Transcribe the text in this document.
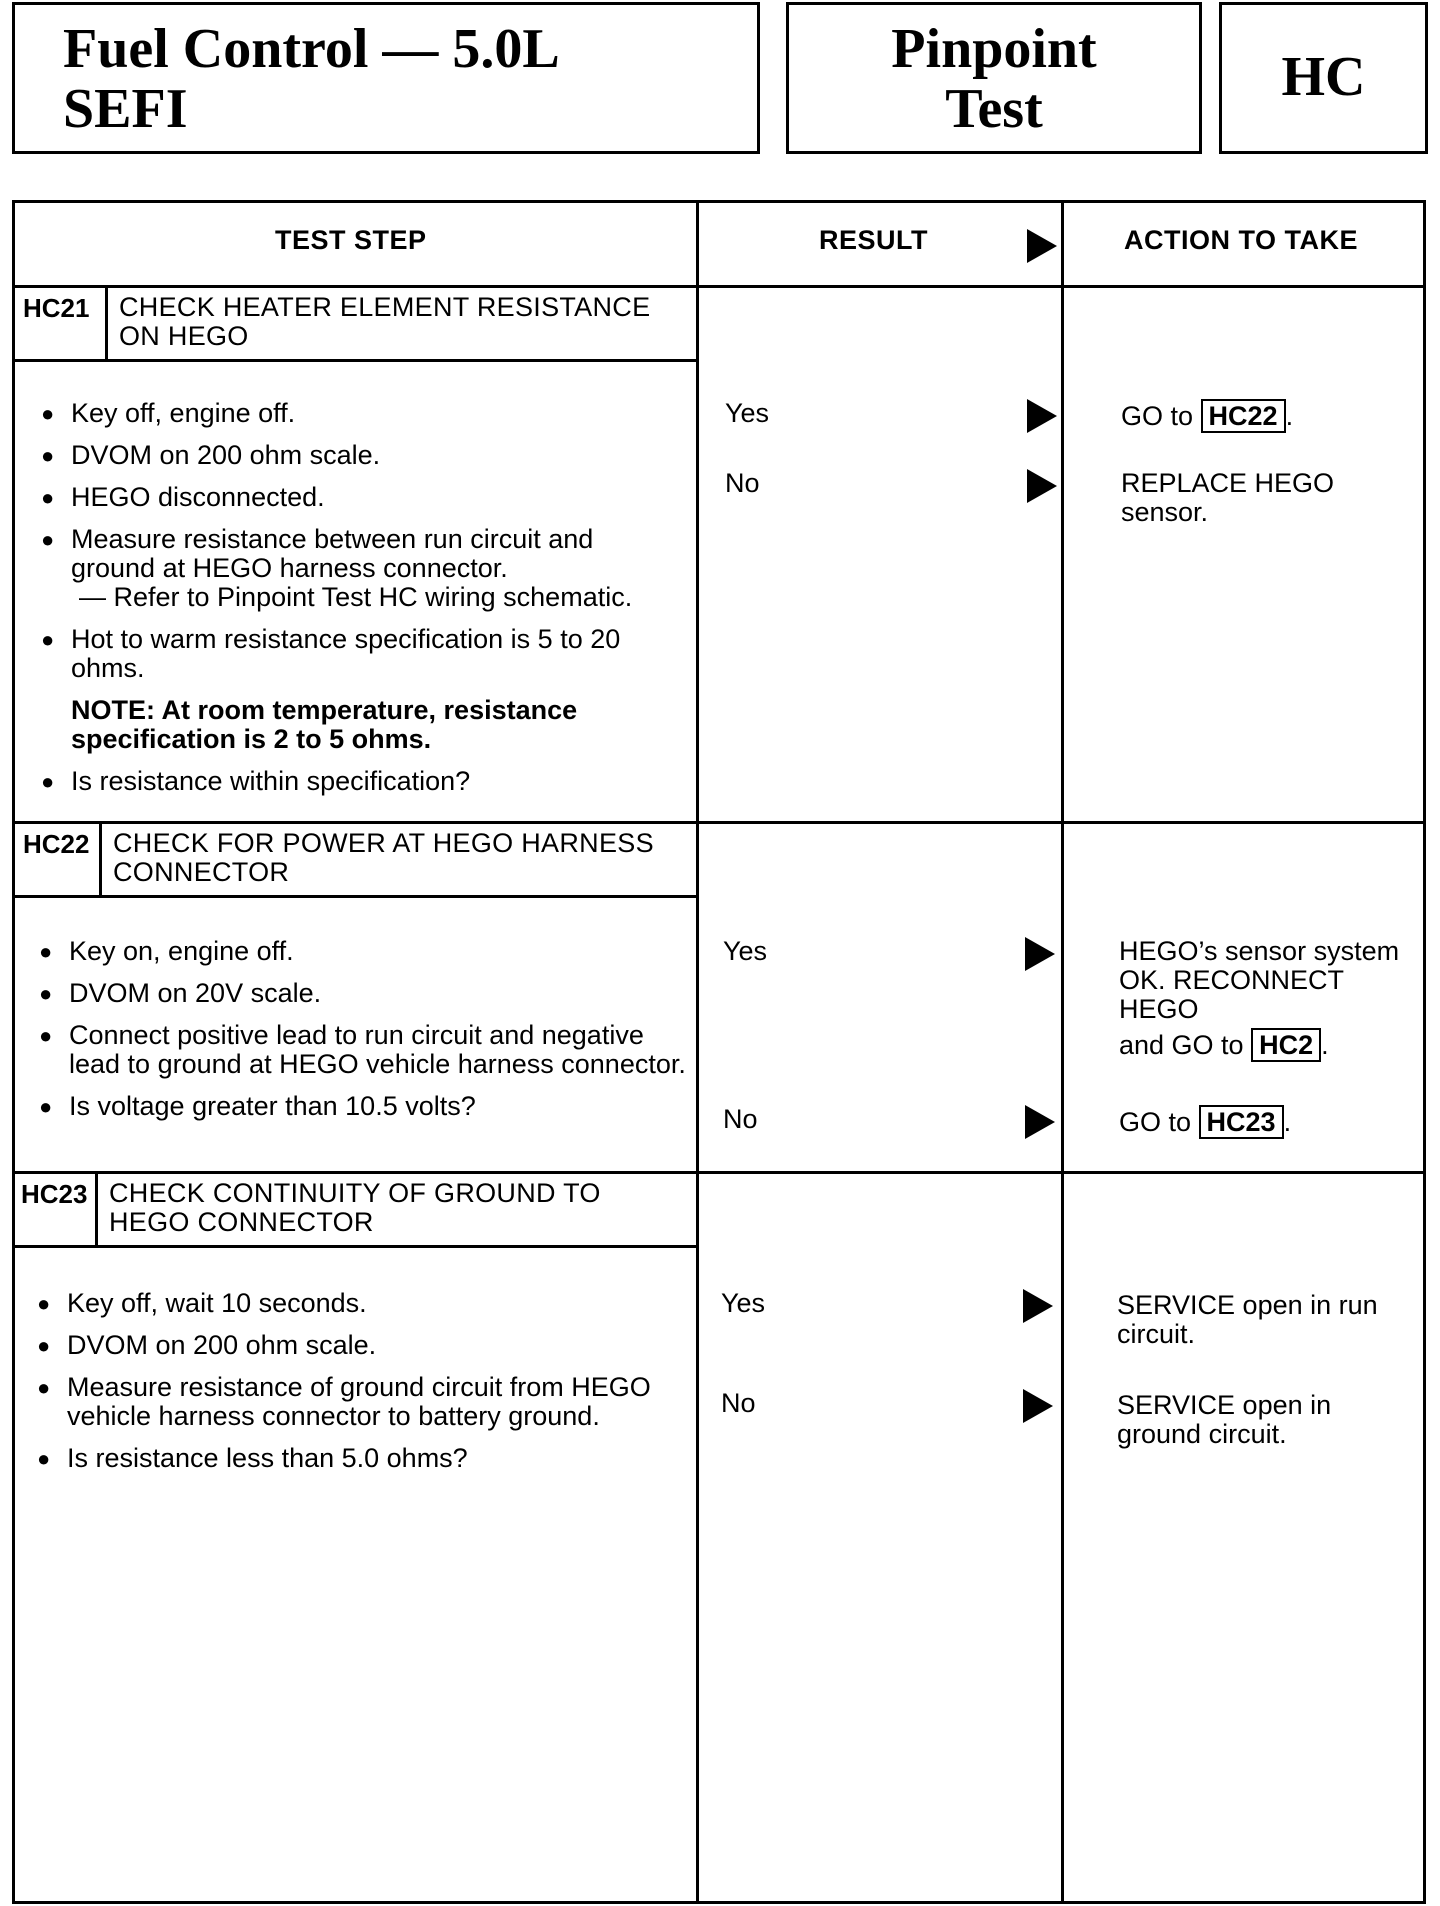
Fuel Control — 5.0L
SEFI
Pinpoint
Test
HC
TEST STEP	RESULT	ACTION TO TAKE
HC21 CHECK HEATER ELEMENT RESISTANCE
ON HEGO
● Key off, engine off.
● DVOM on 200 ohm scale.
● HEGO disconnected.
● Measure resistance between run circuit and ground at HEGO harness connector.
— Refer to Pinpoint Test HC wiring schematic.
● Hot to warm resistance specification is 5 to 20 ohms.
NOTE: At room temperature, resistance specification is 2 to 5 ohms.
● Is resistance within specification?
Yes
No
GO to HC22 .
REPLACE HEGO sensor.
HC22 CHECK FOR POWER AT HEGO HARNESS
CONNECTOR
● Key on, engine off.
● DVOM on 20V scale.
● Connect positive lead to run circuit and negative lead to ground at HEGO vehicle harness connector.
● Is voltage greater than 10.5 volts?
Yes
No
HEGO’s sensor system OK. RECONNECT HEGO
and GO to HC2 .
GO to HC23 .
HC23 CHECK CONTINUITY OF GROUND TO
HEGO CONNECTOR
● Key off, wait 10 seconds.
● DVOM on 200 ohm scale.
● Measure resistance of ground circuit from HEGO vehicle harness connector to battery ground.
● Is resistance less than 5.0 ohms?
Yes
No
SERVICE open in run circuit.
SERVICE open in ground circuit.
